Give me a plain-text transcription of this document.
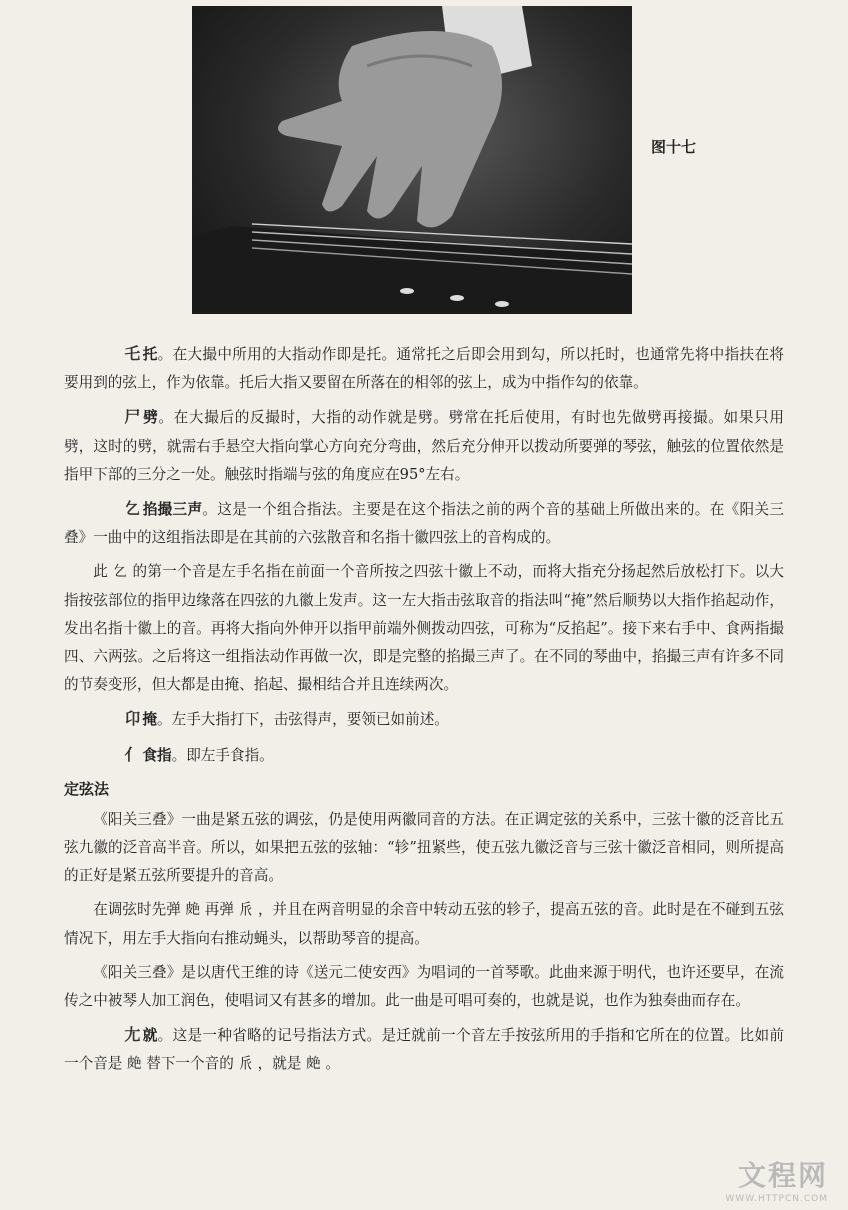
图十七

乇 托。在大撮中所用的大指动作即是托。通常托之后即会用到勾，所以托时，也通常先将中指扶在将要用到的弦上，作为依靠。托后大指又要留在所落在的相邻的弦上，成为中指作勾的依靠。

尸 劈。在大撮后的反撮时，大指的动作就是劈。劈常在托后使用，有时也先做劈再接撮。如果只用劈，这时的劈，就需右手悬空大指向掌心方向充分弯曲，然后充分伸开以拨动所要弹的琴弦，触弦的位置依然是指甲下部的三分之一处。触弦时指端与弦的角度应在95°左右。

𠃉 掐撮三声。这是一个组合指法。主要是在这个指法之前的两个音的基础上所做出来的。在《阳关三叠》一曲中的这组指法即是在其前的六弦散音和名指十徽四弦上的音构成的。

此 𠃉 的第一个音是左手名指在前面一个音所按之四弦十徽上不动，而将大指充分扬起然后放松打下。以大指按弦部位的指甲边缘落在四弦的九徽上发声。这一左大指击弦取音的指法叫“掩”然后顺势以大指作掐起动作，发出名指十徽上的音。再将大指向外伸开以指甲前端外侧拨动四弦，可称为“反掐起”。接下来右手中、食两指撮四、六两弦。之后将这一组指法动作再做一次，即是完整的掐撮三声了。在不同的琴曲中，掐撮三声有许多不同的节奏变形，但大都是由掩、掐起、撮相结合并且连续两次。

卬 掩。左手大指打下，击弦得声，要领已如前述。

亻 食指。即左手食指。

定弦法

《阳关三叠》一曲是紧五弦的调弦，仍是使用两徽同音的方法。在正调定弦的关系中，三弦十徽的泛音比五弦九徽的泛音高半音。所以，如果把五弦的弦轴：“轸”扭紧些，使五弦九徽泛音与三弦十徽泛音相同，则所提高的正好是紧五弦所要提升的音高。

在调弦时先弹 𦫗 再弹 𠂢 ，并且在两音明显的余音中转动五弦的轸子，提高五弦的音。此时是在不碰到五弦情况下，用左手大指向右推动蝇头，以帮助琴音的提高。

《阳关三叠》是以唐代王维的诗《送元二使安西》为唱词的一首琴歌。此曲来源于明代，也许还要早，在流传之中被琴人加工润色，使唱词又有甚多的增加。此一曲是可唱可奏的，也就是说，也作为独奏曲而存在。

尢 就。这是一种省略的记号指法方式。是迁就前一个音左手按弦所用的手指和它所在的位置。比如前一个音是 𦫗 替下一个音的 𠂢 ，就是 𦫗 。

文程网
WWW.HTTPCN.COM
